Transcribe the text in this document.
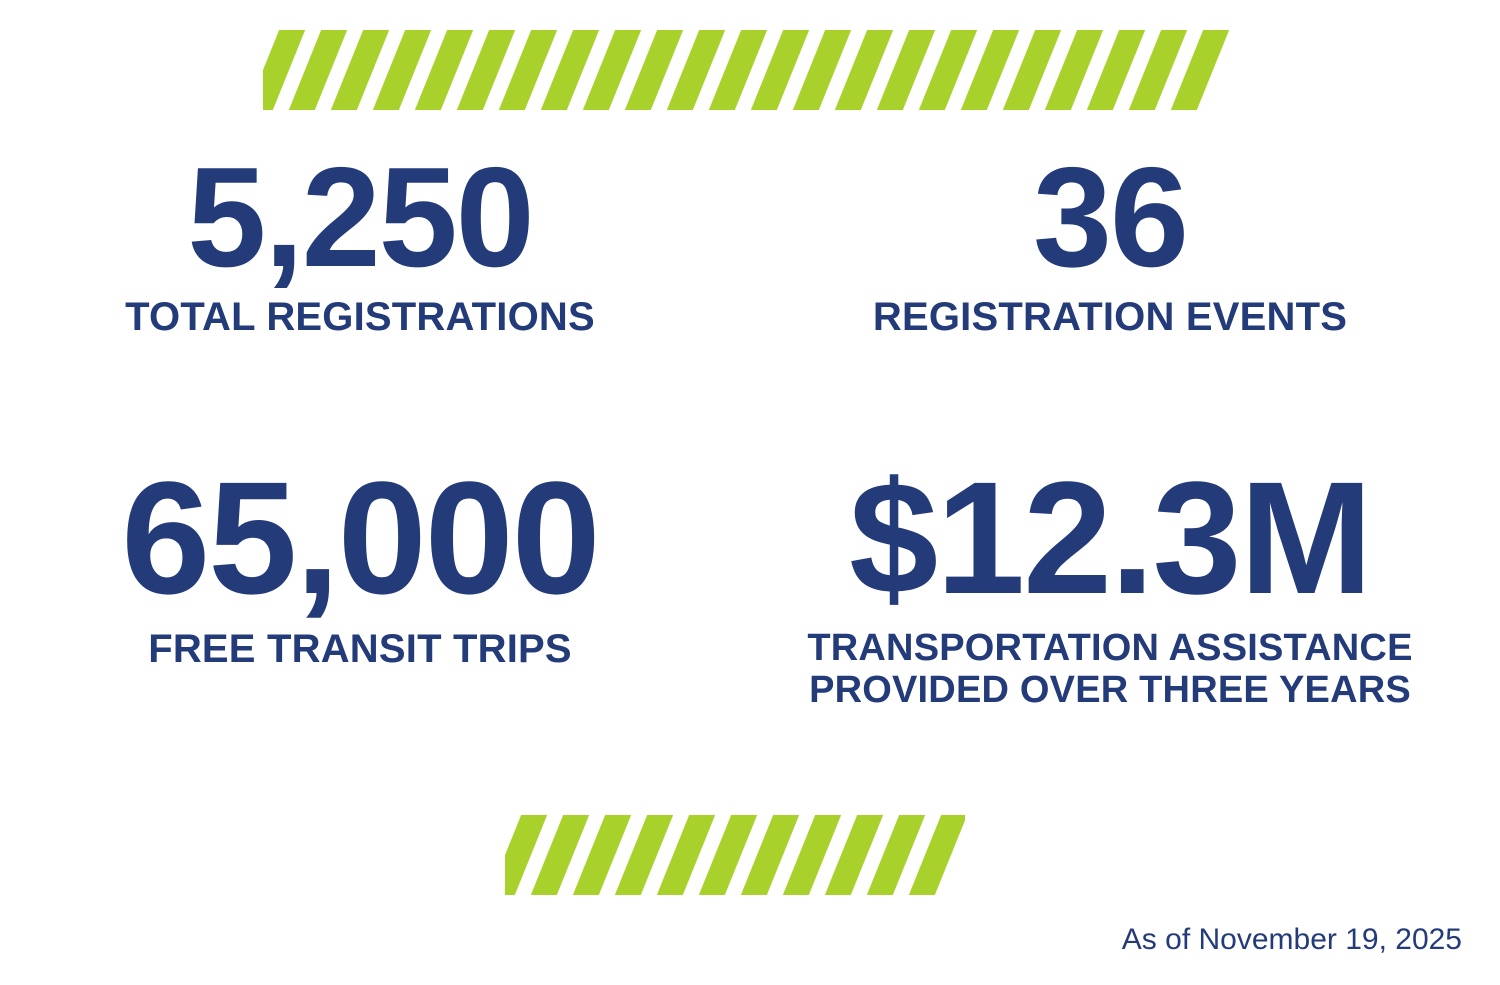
5,250
TOTAL REGISTRATIONS
36
REGISTRATION EVENTS
65,000
FREE TRANSIT TRIPS
$12.3M
TRANSPORTATION ASSISTANCE PROVIDED OVER THREE YEARS
As of November 19, 2025
